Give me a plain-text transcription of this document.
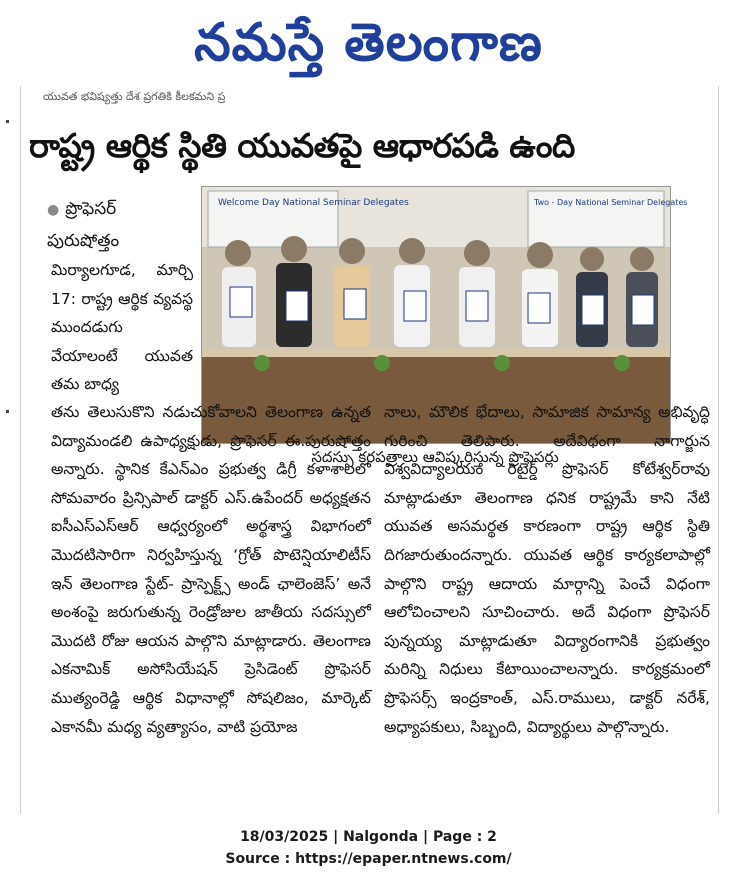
నమస్తే తెలంగాణ
యువత భవిష్యత్తు దేశ ప్రగతికి కీలకమని ప్ర
రాష్ట్ర ఆర్థిక స్థితి యువతపై ఆధారపడి ఉంది
● ప్రొఫెసర్
పురుషోత్తం
Welcome Day National Seminar Delegates	Two - Day National Seminar Delegates
సదస్సు కరపత్రాలు ఆవిష్కరిస్తున్న ప్రొఫెసర్లు

మిర్యాలగూడ, మార్చి 17: రాష్ట్ర ఆర్థిక వ్యవస్థ ముందడుగు వేయాలంటే యువత తమ బాధ్య

తను తెలుసుకొని నడుచుకోవాలని తెలంగాణ ఉన్నత విద్యామండలి ఉపాధ్యక్షుడు, ప్రొఫెసర్ ఈ.పురుషోత్తం అన్నారు. స్థానిక కేఎన్ఎం ప్రభుత్వ డిగ్రీ కళాశాలలో సోమవారం ప్రిన్సిపాల్ డాక్టర్ ఎస్.ఉపేందర్ అధ్యక్షతన ఐసీఎస్ఎస్ఆర్ ఆధ్వర్యంలో అర్థశాస్త్ర విభాగంలో మొదటిసారిగా నిర్వహిస్తున్న ‘గ్రోత్ పొటెన్షియాలిటీస్ ఇన్ తెలంగాణ స్టేట్- ప్రాస్పెక్ట్స్ అండ్ ఛాలెంజెస్’ అనే అంశంపై జరుగుతున్న రెండ్రోజుల జాతీయ సదస్సులో మొదటి రోజు ఆయన పాల్గొని మాట్లాడారు. తెలంగాణ ఎకనామిక్ అసోసియేషన్ ప్రెసిడెంట్ ప్రొఫెసర్ ముత్యంరెడ్డి ఆర్థిక విధానాల్లో సోషలిజం, మార్కెట్ ఎకానమీ మధ్య వ్యత్యాసం, వాటి ప్రయోజ

నాలు, మౌలిక భేదాలు, సామాజిక సామాన్య అభివృద్ధి గురించి తెలిపారు. అదేవిధంగా నాగార్జున విశ్వవిద్యాలయం రిటైర్డ్ ప్రొఫెసర్ కోటేశ్వర్‌రావు మాట్లాడుతూ తెలంగాణ ధనిక రాష్ట్రమే కాని నేటి యువత అసమర్థత కారణంగా రాష్ట్ర ఆర్థిక స్థితి దిగజారుతుందన్నారు. యువత ఆర్థిక కార్యకలాపాల్లో పాల్గొని రాష్ట్ర ఆదాయ మార్గాన్ని పెంచే విధంగా ఆలోచించాలని సూచించారు. అదే విధంగా ప్రొఫెసర్ పున్నయ్య మాట్లాడుతూ విద్యారంగానికి ప్రభుత్వం మరిన్ని నిధులు కేటాయించాలన్నారు. కార్యక్రమంలో ప్రొఫెసర్స్ ఇంద్రకాంత్, ఎస్.రాములు, డాక్టర్ నరేశ్, అధ్యాపకులు, సిబ్బంది, విద్యార్థులు పాల్గొన్నారు.

18/03/2025 | Nalgonda | Page : 2
Source : https://epaper.ntnews.com/
